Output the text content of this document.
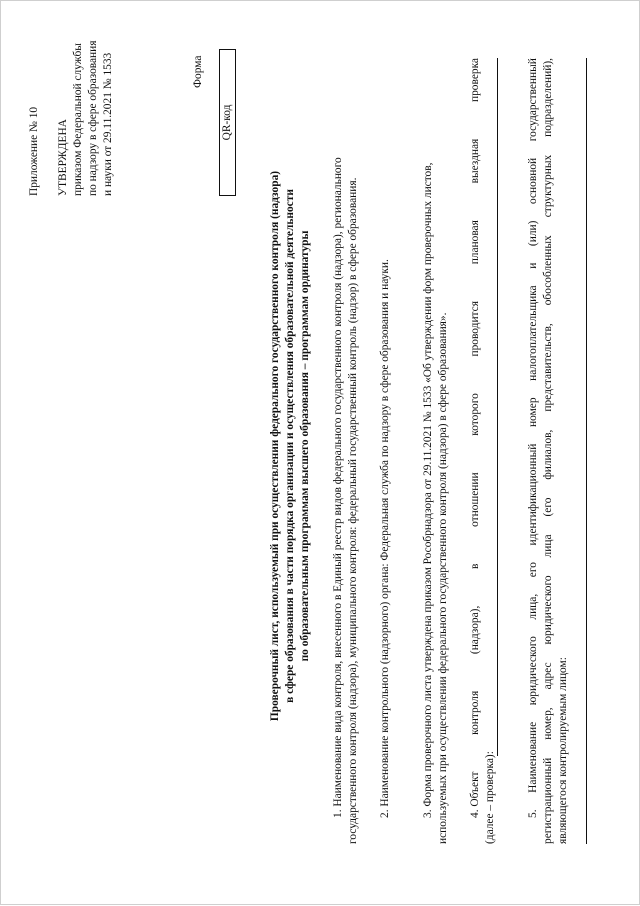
Приложение № 10 УТВЕРЖДЕНА приказом Федеральной службы по надзору в сфере образования и науки от 29.11.2021 № 1533	Форма
QR-код
Проверочный лист, используемый при осуществлении федерального государственного контроля (надзора) в сфере образования в части порядка организации и осуществления образовательной деятельности по образовательным программам высшего образования – программам ординатуры 1. Наименование вида контроля, внесенного в Единый реестр видов федерального государственного контроля (надзора), регионального государственного контроля (надзора), муниципального контроля: федеральный государственный контроль (надзор) в сфере образования. 2. Наименование контрольного (надзорного) органа: Федеральная служба по надзору в сфере образования и науки.	3. Форма проверочного листа утверждена приказом Рособрнадзора от 29.11.2021 № 1533 «Об утверждении форм проверочных листов, используемых при осуществлении федерального государственного контроля (надзора) в сфере образования». 4. Объект
контроля
(надзора),
в
отношении
которого
проводится
плановая
выездная
проверка
(далее – проверка):	5.
Наименование
юридического
лица,
его
идентификационный
номер
налогоплательщика
и
(или)
основной
государственный
регистрационный
номер,
адрес
юридического
лица
(его
филиалов,
представительств,
обособленных
структурных
подразделений),
являющегося контролируемым лицом:
